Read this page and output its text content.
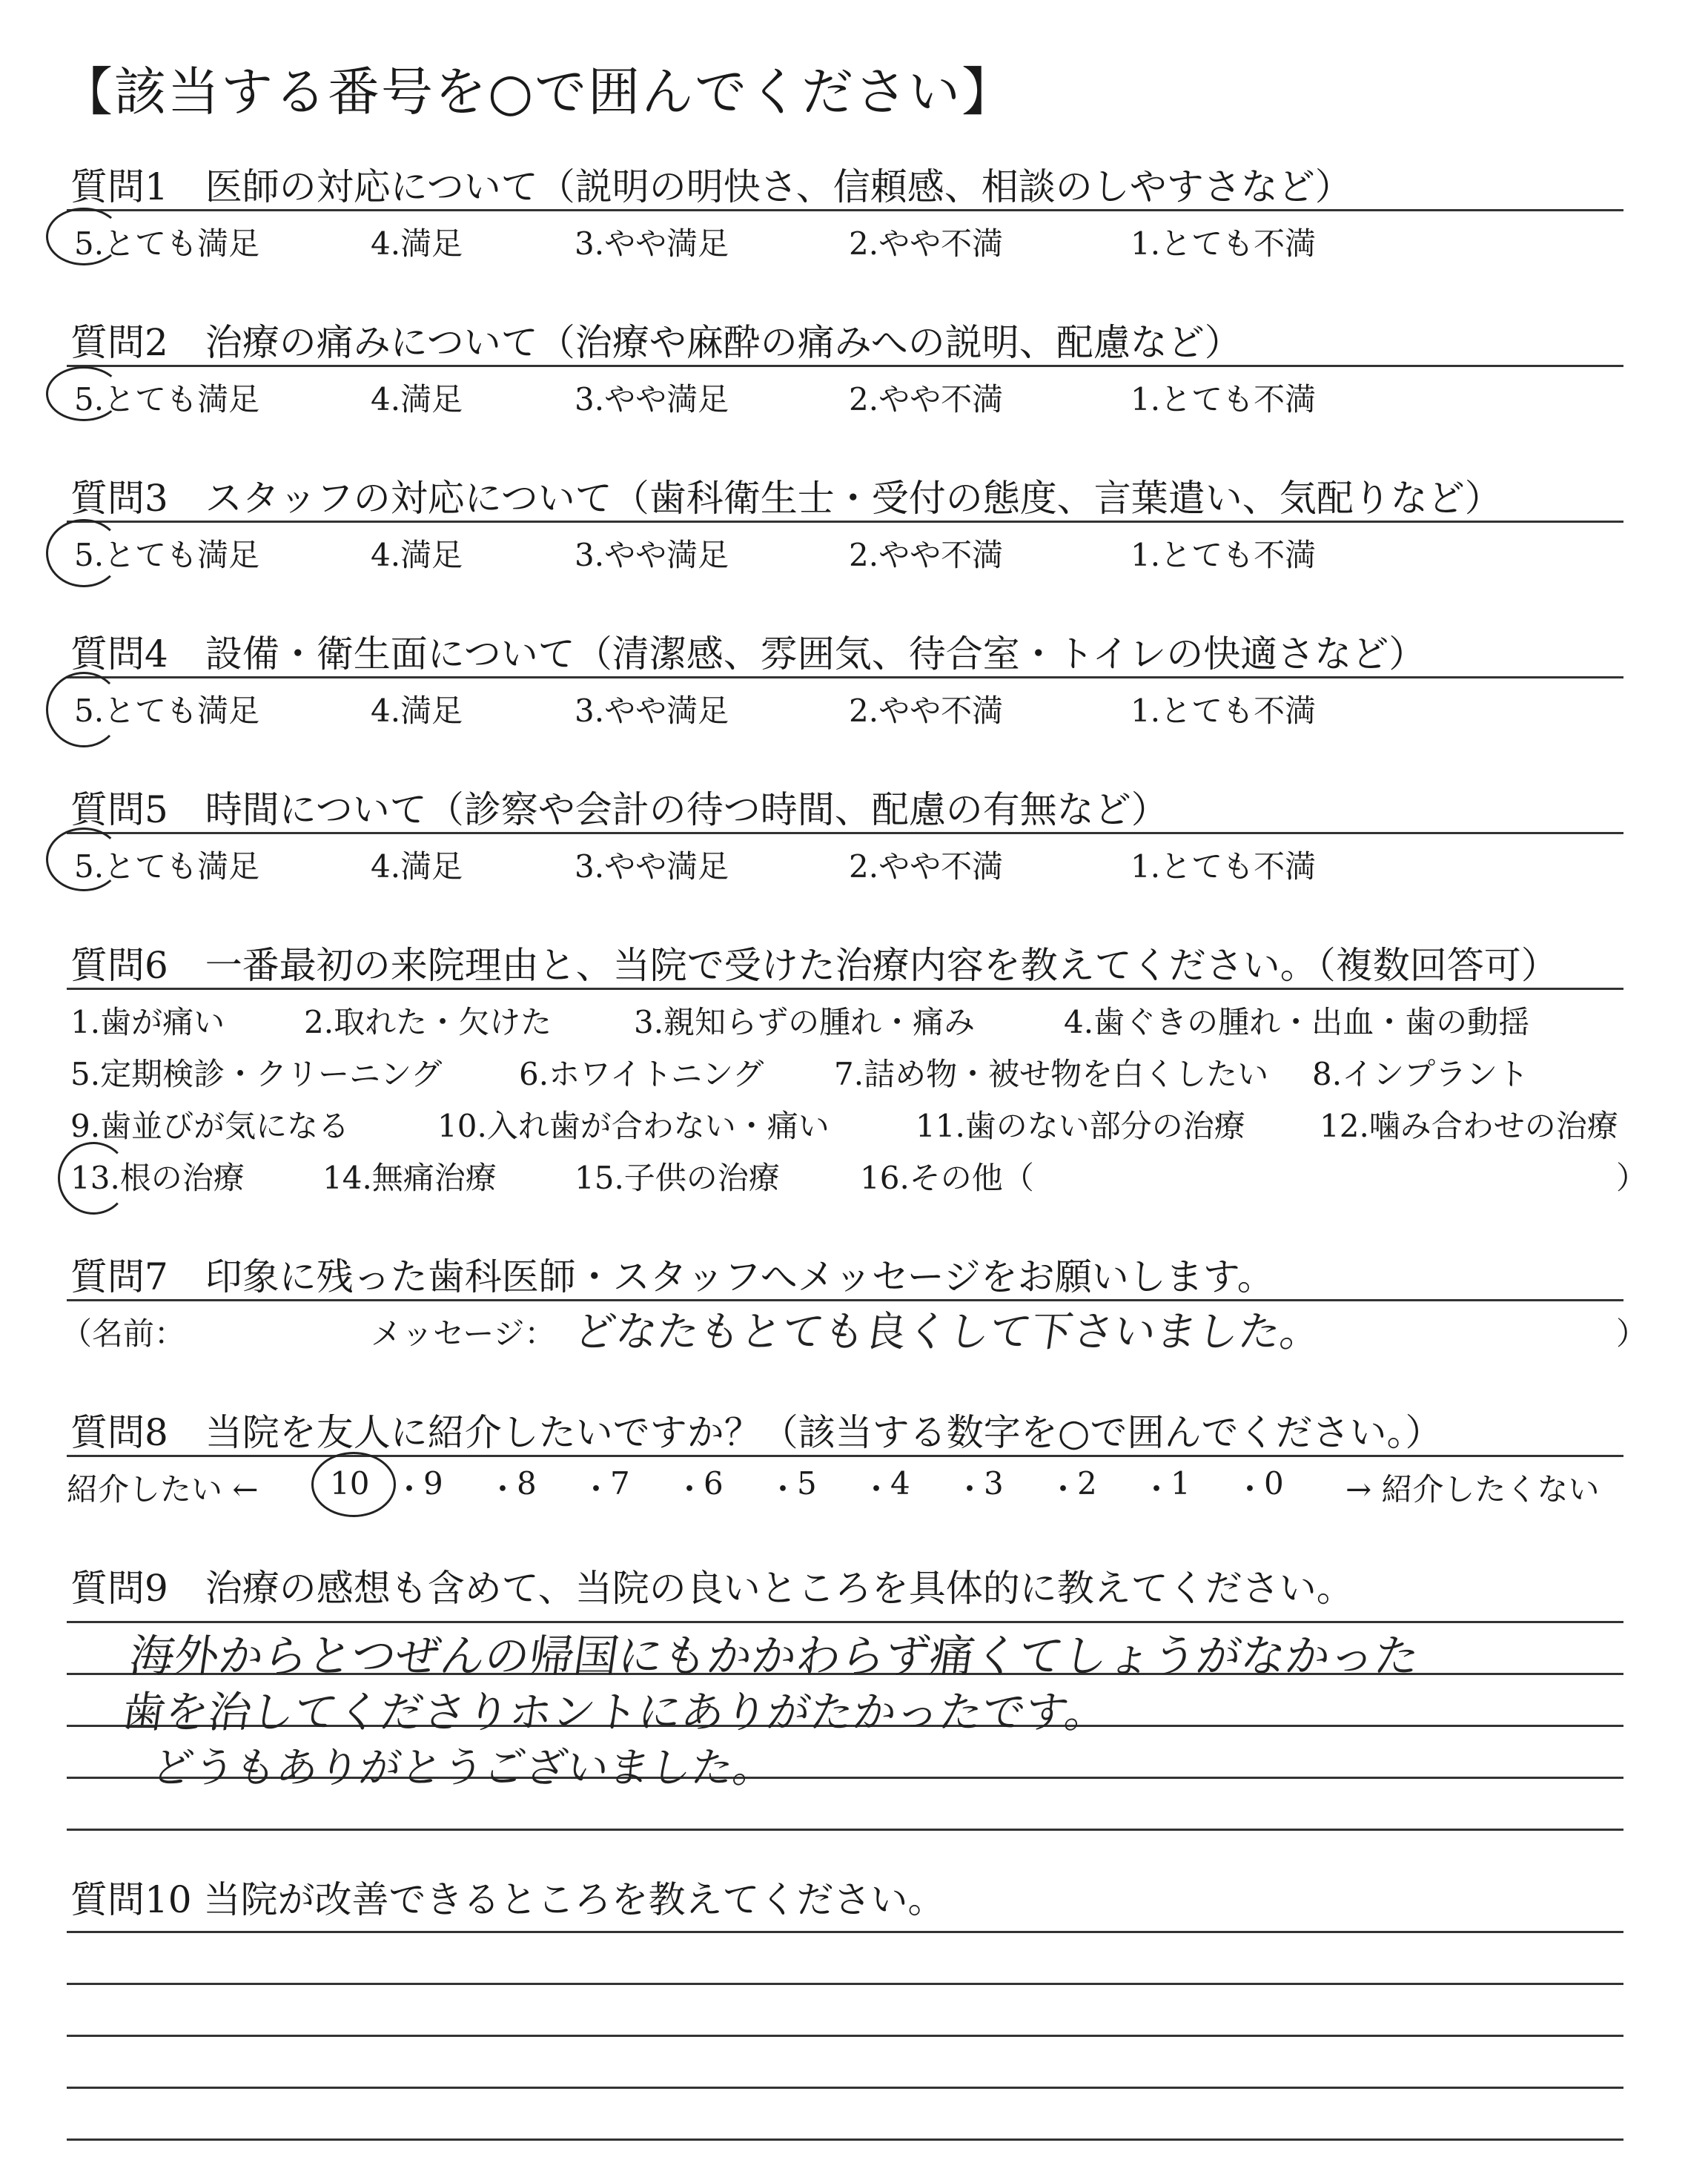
【該当する番号を○で囲んでください】
質問1　医師の対応について（説明の明快さ、信頼感、相談のしやすさなど）
5.とても満足	4.満足	3.やや満足	2.やや不満	1.とても不満
質問2　治療の痛みについて（治療や麻酔の痛みへの説明、配慮など）
5.とても満足	4.満足	3.やや満足	2.やや不満	1.とても不満
質問3　スタッフの対応について（歯科衛生士・受付の態度、言葉遣い、気配りなど）
5.とても満足	4.満足	3.やや満足	2.やや不満	1.とても不満
質問4　設備・衛生面について（清潔感、雰囲気、待合室・トイレの快適さなど）
5.とても満足	4.満足	3.やや満足	2.やや不満	1.とても不満
質問5　時間について（診察や会計の待つ時間、配慮の有無など）
5.とても満足	4.満足	3.やや満足	2.やや不満	1.とても不満
質問6　一番最初の来院理由と、当院で受けた治療内容を教えてください。（複数回答可）
1.歯が痛い	2.取れた・欠けた	3.親知らずの腫れ・痛み	4.歯ぐきの腫れ・出血・歯の動揺
5.定期検診・クリーニング 6.ホワイトニング 7.詰め物・被せ物を白くしたい 8.インプラント
9.歯並びが気になる	10.入れ歯が合わない・痛い	11.歯のない部分の治療 12.噛み合わせの治療
13.根の治療	14.無痛治療	15.子供の治療	16.その他（	）
質問7　印象に残った歯科医師・スタッフへメッセージをお願いします。
（名前：	メッセージ： どなたもとても良くして下さいました。	）
質問8　当院を友人に紹介したいですか？（該当する数字を○で囲んでください。）
紹介したい ← 10 ・
9 ・
8 ・
7 ・
6 ・
5 ・
4 ・
3 ・
2 ・
1 ・
0 → 紹介したくない
質問9　治療の感想も含めて、当院の良いところを具体的に教えてください。
海外からとつぜんの帰国にもかかわらず痛くてしょうがなかった
歯を治してくださりホントにありがたかったです。
どうもありがとうございました。
質問10 当院が改善できるところを教えてください。
